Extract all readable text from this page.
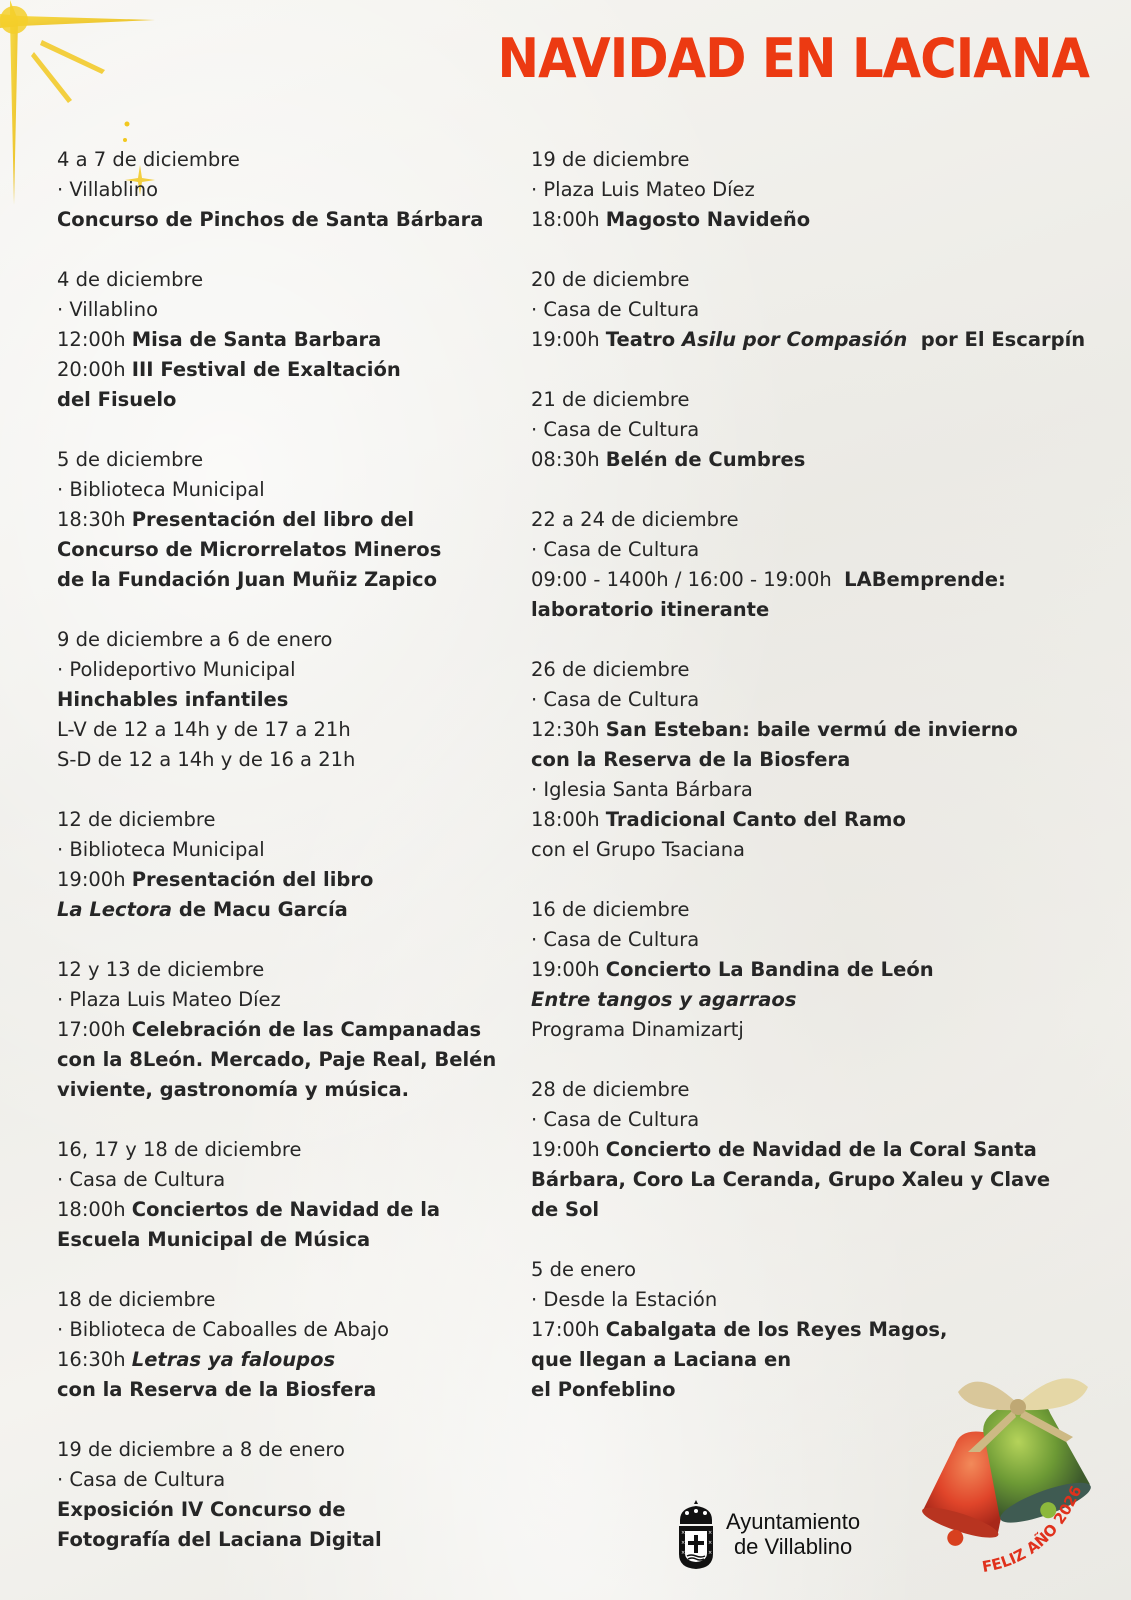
NAVIDAD EN LACIANA
4 a 7 de diciembre
· Villablino
Concurso de Pinchos de Santa Bárbara
4 de diciembre
· Villablino
12:00h Misa de Santa Barbara
20:00h III Festival de Exaltación
del Fisuelo
5 de diciembre
· Biblioteca Municipal
18:30h Presentación del libro del
Concurso de Microrrelatos Mineros
de la Fundación Juan Muñiz Zapico
9 de diciembre a 6 de enero
· Polideportivo Municipal
Hinchables infantiles
L-V de 12 a 14h y de 17 a 21h
S-D de 12 a 14h y de 16 a 21h
12 de diciembre
· Biblioteca Municipal
19:00h Presentación del libro
La Lectora de Macu García
12 y 13 de diciembre
· Plaza Luis Mateo Díez
17:00h Celebración de las Campanadas
con la 8León. Mercado, Paje Real, Belén
viviente, gastronomía y música.
16, 17 y 18 de diciembre
· Casa de Cultura
18:00h Conciertos de Navidad de la
Escuela Municipal de Música
18 de diciembre
· Biblioteca de Caboalles de Abajo
16:30h Letras ya faloupos
con la Reserva de la Biosfera
19 de diciembre a 8 de enero
· Casa de Cultura
Exposición IV Concurso de
Fotografía del Laciana Digital
19 de diciembre
· Plaza Luis Mateo Díez
18:00h Magosto Navideño
20 de diciembre
· Casa de Cultura
19:00h Teatro Asilu por Compasión  por El Escarpín
21 de diciembre
· Casa de Cultura
08:30h Belén de Cumbres
22 a 24 de diciembre
· Casa de Cultura
09:00 - 1400h / 16:00 - 19:00h  LABemprende:
laboratorio itinerante
26 de diciembre
· Casa de Cultura
12:30h San Esteban: baile vermú de invierno
con la Reserva de la Biosfera
· Iglesia Santa Bárbara
18:00h Tradicional Canto del Ramo
con el Grupo Tsaciana
16 de diciembre
· Casa de Cultura
19:00h Concierto La Bandina de León
Entre tangos y agarraos
Programa Dinamizartj
28 de diciembre
· Casa de Cultura
19:00h Concierto de Navidad de la Coral Santa
Bárbara, Coro La Ceranda, Grupo Xaleu y Clave
de Sol
5 de enero
· Desde la Estación
17:00h Cabalgata de los Reyes Magos,
que llegan a Laciana en
el Ponfeblino
×	×
×	×
×	×
Ayuntamiento
de Villablino
FELIZ AÑO 2026
